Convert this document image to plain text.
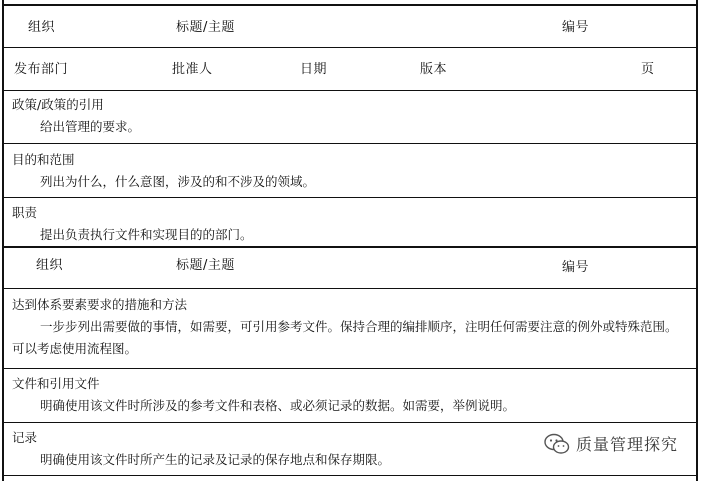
组织	标题/主题	编号
发布部门	批准人	日期	版本	页
政策/政策的引用
给出管理的要求。
目的和范围
列出为什么，什么意图，涉及的和不涉及的领域。
职责
提出负责执行文件和实现目的的部门。
组织	标题/主题	编号
达到体系要素要求的措施和方法
一步步列出需要做的事情，如需要，可引用参考文件。保持合理的编排顺序，注明任何需要注意的例外或特殊范围。可以考虑使用流程图。
文件和引用文件
明确使用该文件时所涉及的参考文件和表格、或必须记录的数据。如需要，举例说明。
记录
明确使用该文件时所产生的记录及记录的保存地点和保存期限。
质量管理探究
